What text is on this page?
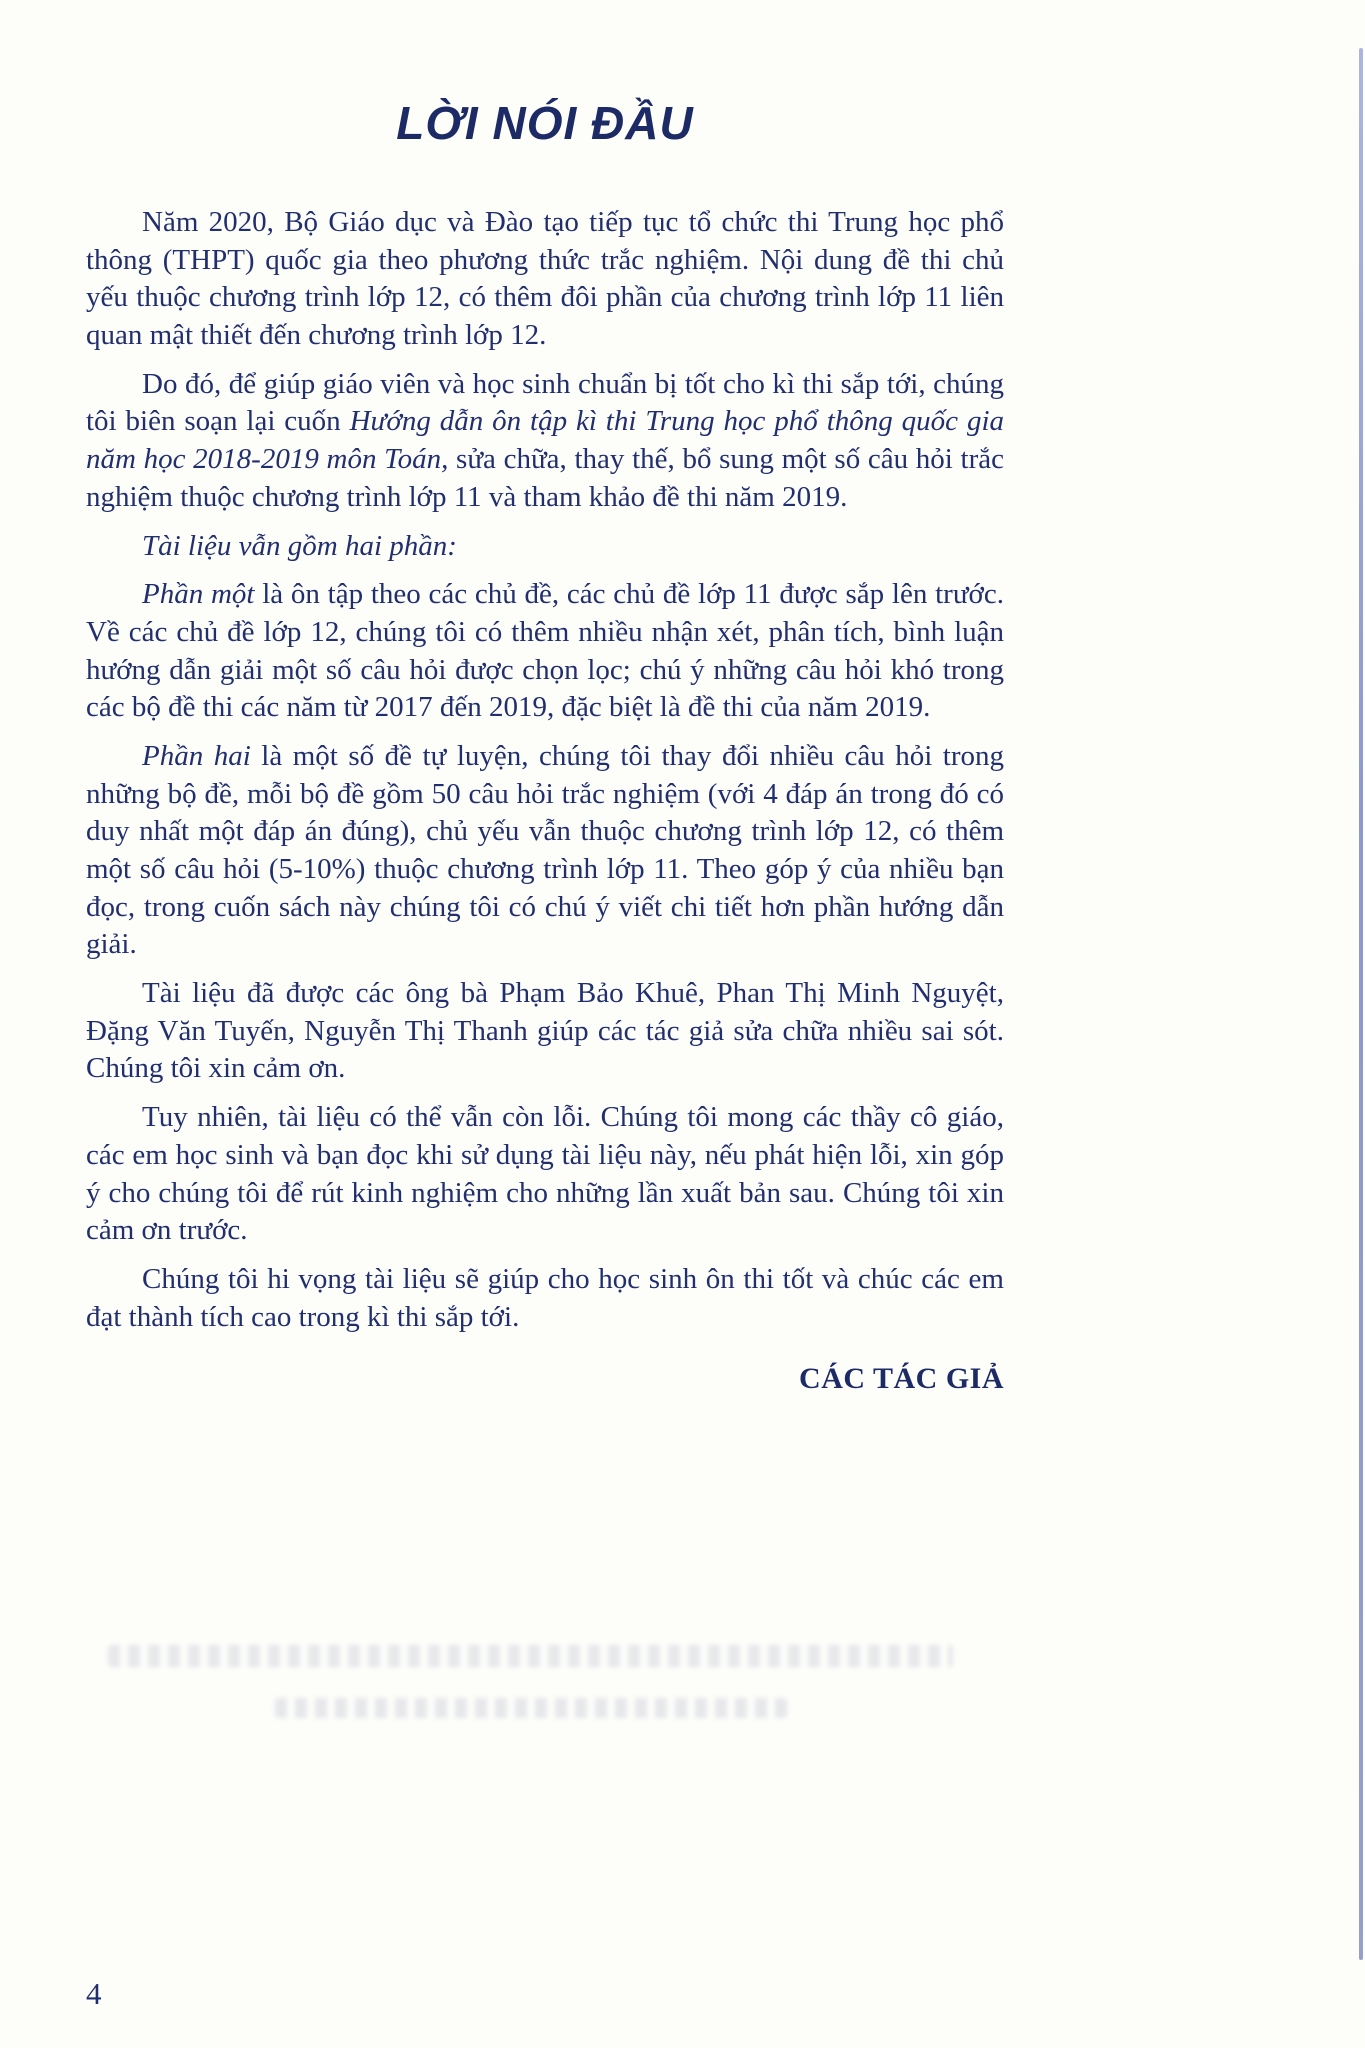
LỜI NÓI ĐẦU

Năm 2020, Bộ Giáo dục và Đào tạo tiếp tục tổ chức thi Trung học phổ thông (THPT) quốc gia theo phương thức trắc nghiệm. Nội dung đề thi chủ yếu thuộc chương trình lớp 12, có thêm đôi phần của chương trình lớp 11 liên quan mật thiết đến chương trình lớp 12.

Do đó, để giúp giáo viên và học sinh chuẩn bị tốt cho kì thi sắp tới, chúng tôi biên soạn lại cuốn Hướng dẫn ôn tập kì thi Trung học phổ thông quốc gia năm học 2018-2019 môn Toán, sửa chữa, thay thế, bổ sung một số câu hỏi trắc nghiệm thuộc chương trình lớp 11 và tham khảo đề thi năm 2019.

Tài liệu vẫn gồm hai phần:

Phần một là ôn tập theo các chủ đề, các chủ đề lớp 11 được sắp lên trước. Về các chủ đề lớp 12, chúng tôi có thêm nhiều nhận xét, phân tích, bình luận hướng dẫn giải một số câu hỏi được chọn lọc; chú ý những câu hỏi khó trong các bộ đề thi các năm từ 2017 đến 2019, đặc biệt là đề thi của năm 2019.

Phần hai là một số đề tự luyện, chúng tôi thay đổi nhiều câu hỏi trong những bộ đề, mỗi bộ đề gồm 50 câu hỏi trắc nghiệm (với 4 đáp án trong đó có duy nhất một đáp án đúng), chủ yếu vẫn thuộc chương trình lớp 12, có thêm một số câu hỏi (5-10%) thuộc chương trình lớp 11. Theo góp ý của nhiều bạn đọc, trong cuốn sách này chúng tôi có chú ý viết chi tiết hơn phần hướng dẫn giải.

Tài liệu đã được các ông bà Phạm Bảo Khuê, Phan Thị Minh Nguyệt, Đặng Văn Tuyến, Nguyễn Thị Thanh giúp các tác giả sửa chữa nhiều sai sót. Chúng tôi xin cảm ơn.

Tuy nhiên, tài liệu có thể vẫn còn lỗi. Chúng tôi mong các thầy cô giáo, các em học sinh và bạn đọc khi sử dụng tài liệu này, nếu phát hiện lỗi, xin góp ý cho chúng tôi để rút kinh nghiệm cho những lần xuất bản sau. Chúng tôi xin cảm ơn trước.

Chúng tôi hi vọng tài liệu sẽ giúp cho học sinh ôn thi tốt và chúc các em đạt thành tích cao trong kì thi sắp tới.

CÁC TÁC GIẢ
4
